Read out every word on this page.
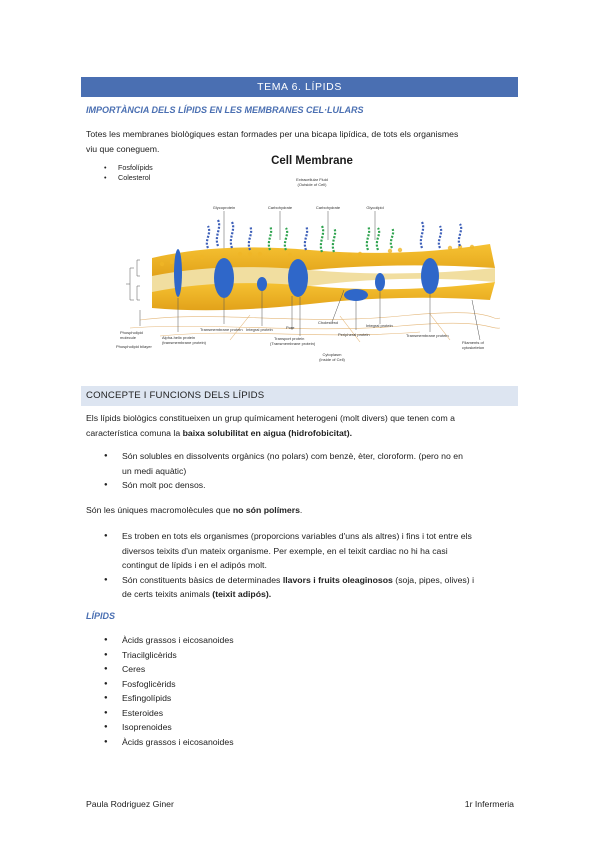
TEMA 6. LÍPIDS
IMPORTÀNCIA DELS LÍPIDS EN LES MEMBRANES CEL·LULARS
Totes les membranes biològiques estan formades per una bicapa lipídica, de tots els organismes
viu que coneguem.
Cell Membrane
Extracellular Fluid
(Outside of Cell)
Glycoprotein	Carbohydrate	Carbohydrate	Glycolipid
Phospholipid
molecule
Phospholipid bilayer
Alpha-helix protein
(transmembrane protein)
Transmembrane protein Integral protein	Pore
Transport protein
(Transmembrane protein)
Cholesterol
Peripheral protein
Integral protein
Transmembrane protein
Filaments of
cytoskeleton
Cytoplasm
(Inside of Cell)
• Fosfolípids
• Colesterol
CONCEPTE I FUNCIONS DELS LÍPIDS
Els lípids biològics constitueixen un grup químicament heterogeni (molt divers) que tenen com a
característica comuna la baixa solubilitat en aigua (hidrofobicitat).
● Són solubles en dissolvents orgànics (no polars) com benzè, èter, cloroform. (pero no en
un medi aquàtic)
● Són molt poc densos.
Són les úniques macromolècules que no són polímers.
● Es troben en tots els organismes (proporcions variables d'uns als altres) i fins i tot entre els
diversos teixits d'un mateix organisme. Per exemple, en el teixit cardiac no hi ha casi
contingut de lípids i en el adipós molt.
● Són constituents bàsics de determinades llavors i fruits oleaginosos (soja, pipes, olives) i
de certs teixits animals (teixit adipós).
LÍPIDS
● Àcids grassos i eicosanoides
● Triacilglicèrids
● Ceres
● Fosfoglicèrids
● Esfingolípids
● Esteroides
● Isoprenoides
● Àcids grassos i eicosanoides
Paula Rodriguez Giner	1r Infermeria
